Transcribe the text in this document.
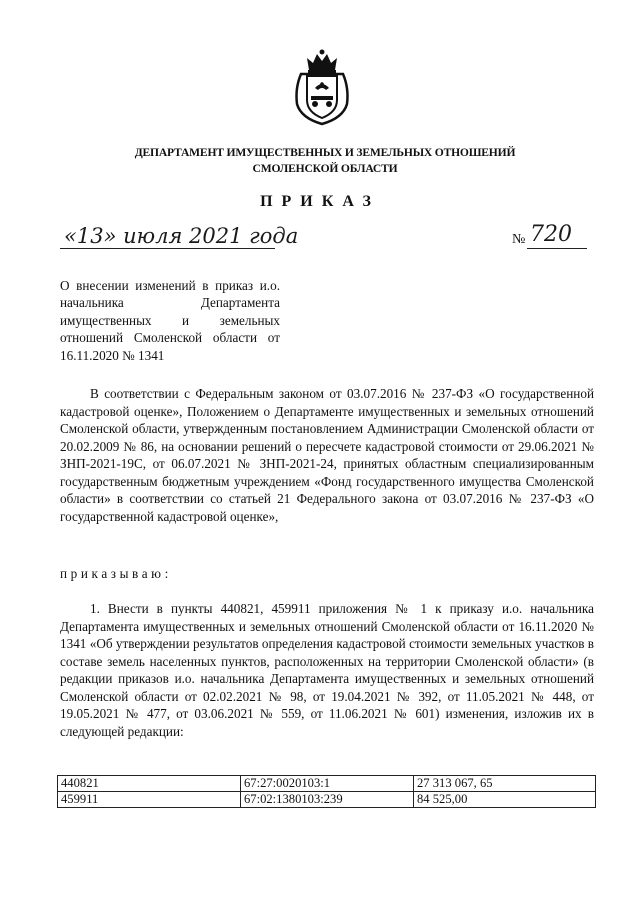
ДЕПАРТАМЕНТ ИМУЩЕСТВЕННЫХ И ЗЕМЕЛЬНЫХ ОТНОШЕНИЙ
СМОЛЕНСКОЙ ОБЛАСТИ
ПРИКАЗ
«13» июля 2021 года	№ 720
О внесении изменений в приказ и.о. начальника Департамента имущественных и земельных отношений Смоленской области от 16.11.2020 № 1341
В соответствии с Федеральным законом от 03.07.2016 № 237-ФЗ «О государственной кадастровой оценке», Положением о Департаменте имущественных и земельных отношений Смоленской области, утвержденным постановлением Администрации Смоленской области от 20.02.2009 № 86, на основании решений о пересчете кадастровой стоимости от 29.06.2021 № ЗНП-2021-19С, от 06.07.2021 № ЗНП-2021-24, принятых областным специализированным государственным бюджетным учреждением «Фонд государственного имущества Смоленской области» в соответствии со статьей 21 Федерального закона от 03.07.2016 № 237-ФЗ «О государственной кадастровой оценке»,
приказываю:
1. Внести в пункты 440821, 459911 приложения № 1 к приказу и.о. начальника Департамента имущественных и земельных отношений Смоленской области от 16.11.2020 № 1341 «Об утверждении результатов определения кадастровой стоимости земельных участков в составе земель населенных пунктов, расположенных на территории Смоленской области» (в редакции приказов и.о. начальника Департамента имущественных и земельных отношений Смоленской области от 02.02.2021 № 98, от 19.04.2021 № 392, от 11.05.2021 № 448, от 19.05.2021 № 477, от 03.06.2021 № 559, от 11.06.2021 № 601) изменения, изложив их в следующей редакции:
440821	67:27:0020103:1	27 313 067, 65
459911	67:02:1380103:239	84 525,00
